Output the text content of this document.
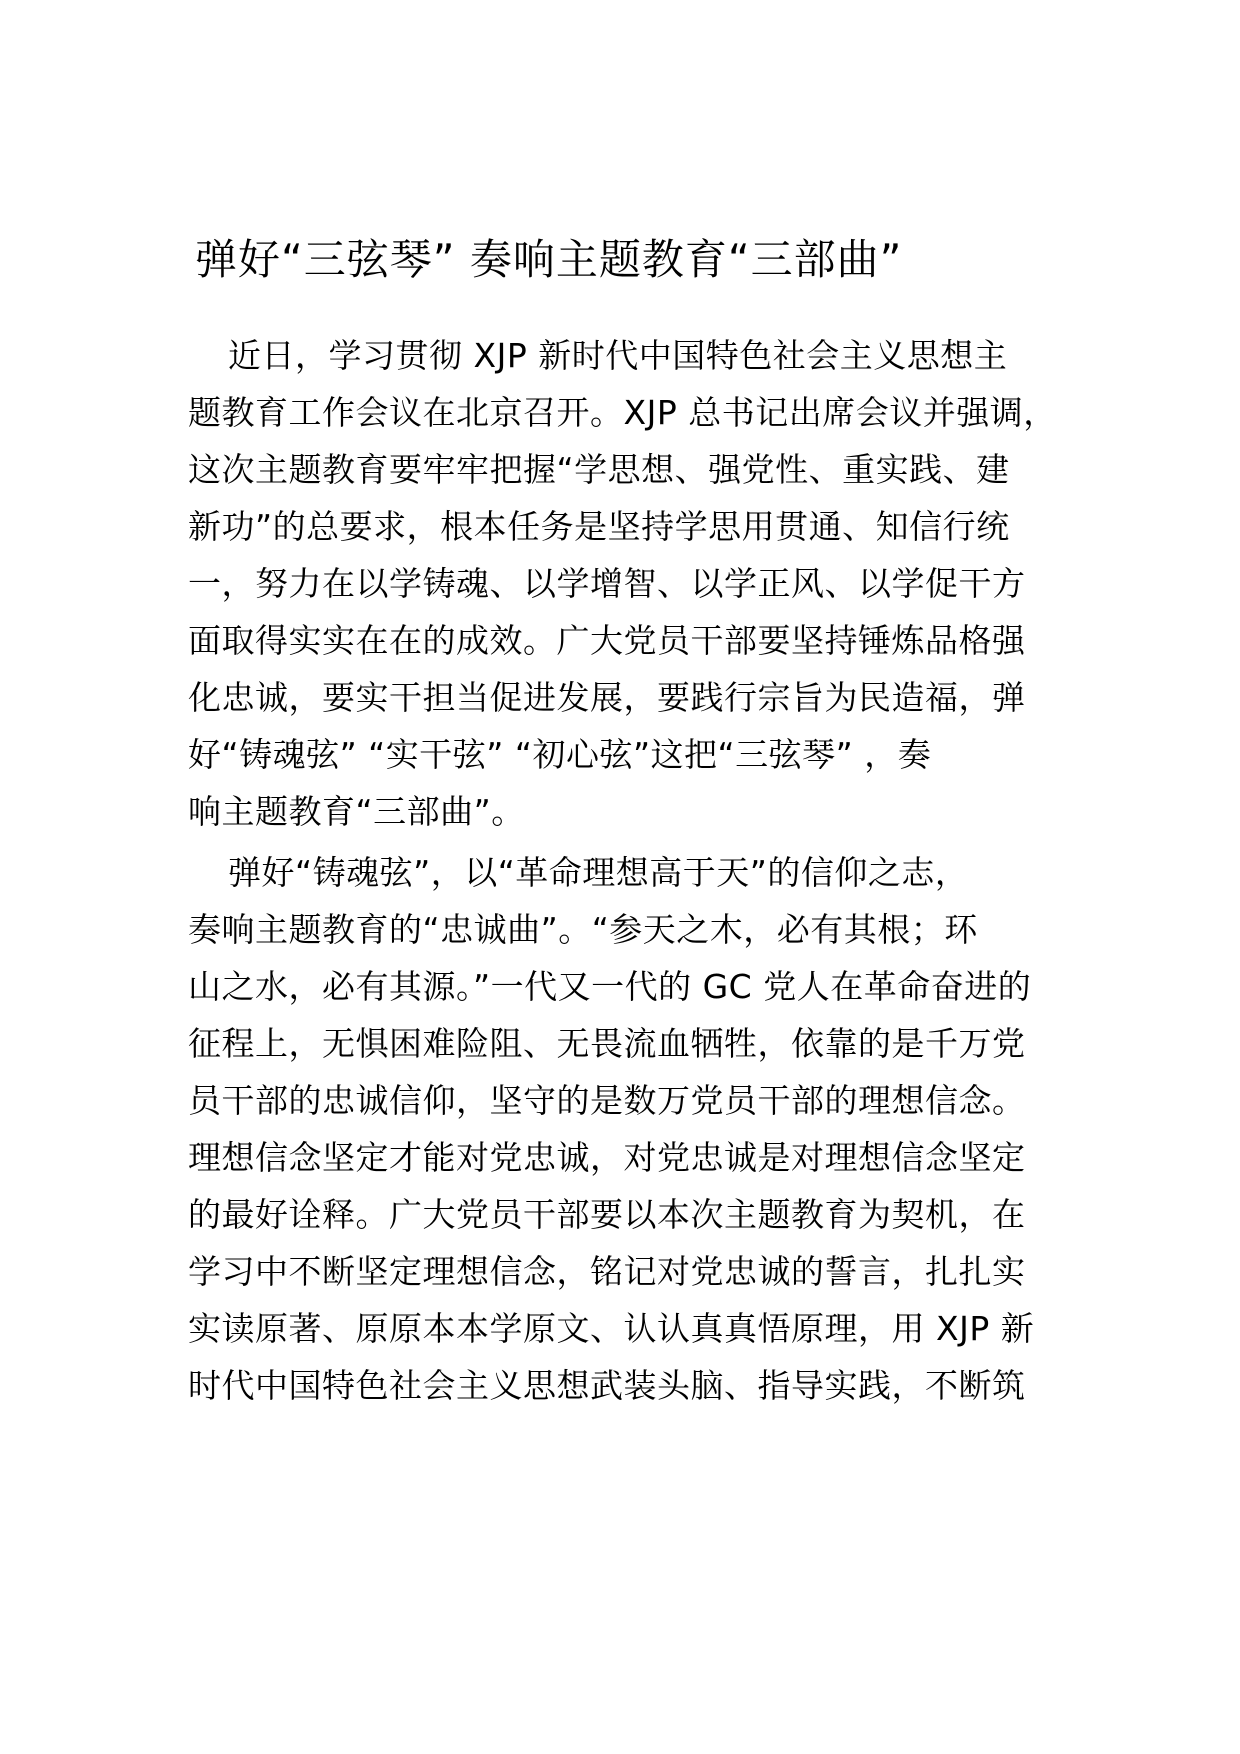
弹好“三弦琴” 奏响主题教育“三部曲”
近日，学习贯彻 XJP 新时代中国特色社会主义思想主
题教育工作会议在北京召开。XJP 总书记出席会议并强调，
这次主题教育要牢牢把握“学思想、强党性、重实践、建
新功”的总要求，根本任务是坚持学思用贯通、知信行统
一，努力在以学铸魂、以学增智、以学正风、以学促干方
面取得实实在在的成效。广大党员干部要坚持锤炼品格强
化忠诚，要实干担当促进发展，要践行宗旨为民造福，弹
好“铸魂弦” “实干弦” “初心弦”这把“三弦琴” ，奏
响主题教育“三部曲”。
弹好“铸魂弦”，以“革命理想高于天”的信仰之志，
奏响主题教育的“忠诚曲”。“参天之木，必有其根；环
山之水，必有其源。”一代又一代的 GC 党人在革命奋进的
征程上，无惧困难险阻、无畏流血牺牲，依靠的是千万党
员干部的忠诚信仰，坚守的是数万党员干部的理想信念。
理想信念坚定才能对党忠诚，对党忠诚是对理想信念坚定
的最好诠释。广大党员干部要以本次主题教育为契机，在
学习中不断坚定理想信念，铭记对党忠诚的誓言，扎扎实
实读原著、原原本本学原文、认认真真悟原理，用 XJP 新
时代中国特色社会主义思想武装头脑、指导实践，不断筑
